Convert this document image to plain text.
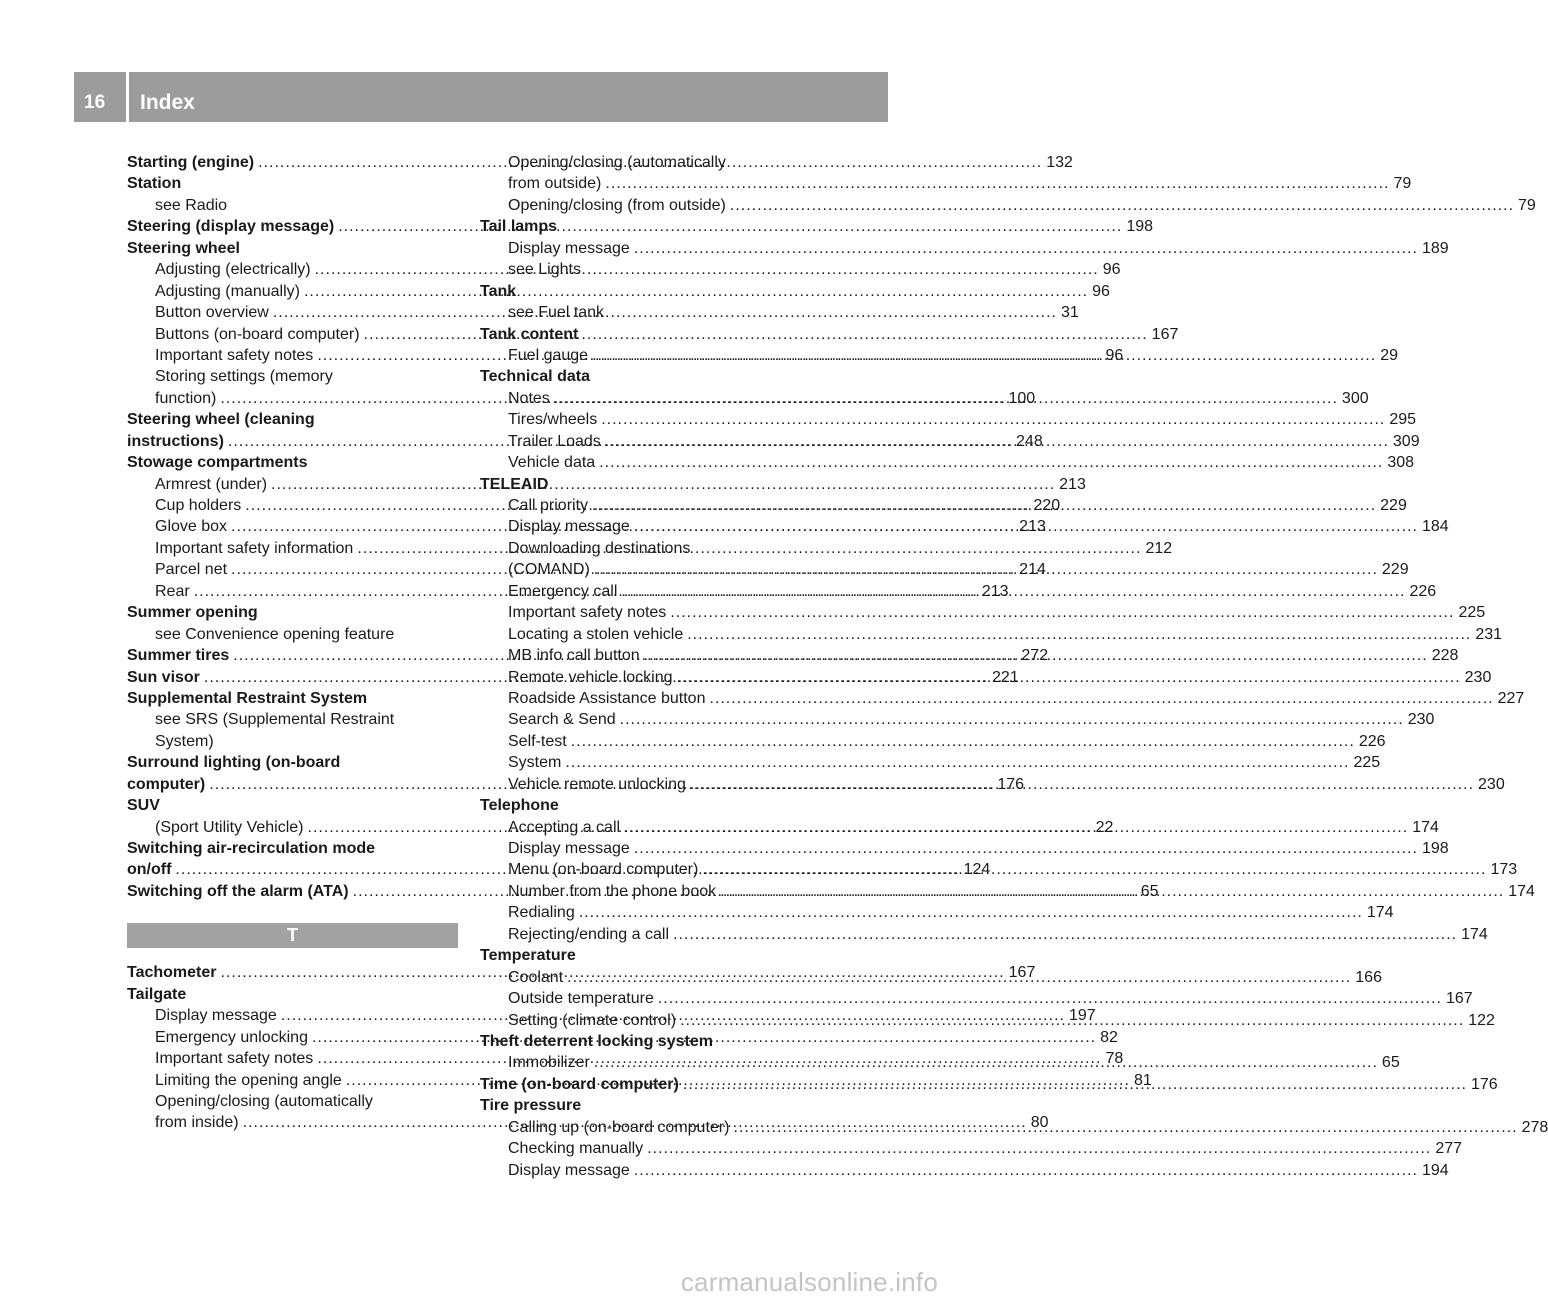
16 Index
Starting (engine) .....	132
Station
see Radio
Steering (display message) .....	198
Steering wheel
Adjusting (electrically) .....	96
Adjusting (manually) .....	96
Button overview .....	31
Buttons (on-board computer) .....	167
Important safety notes .....	96
Storing settings (memory
function) .....	100
Steering wheel (cleaning
instructions) .....	248
Stowage compartments
Armrest (under) .....	213
Cup holders .....	220
Glove box .....	213
Important safety information .....	212
Parcel net .....	214
Rear .....	213
Summer opening
see Convenience opening feature
Summer tires .....	272
Sun visor .....	221
Supplemental Restraint System
see SRS (Supplemental Restraint
System)
Surround lighting (on-board
computer) .....	176
SUV
(Sport Utility Vehicle) .....	22
Switching air-recirculation mode
on/off .....	124
Switching off the alarm (ATA) .....	65
T
Tachometer .....	167
Tailgate
Display message .....	197
Emergency unlocking .....	82
Important safety notes .....	78
Limiting the opening angle .....	81
Opening/closing (automatically
from inside) .....	80
Opening/closing (automatically
from outside) .....	79
Opening/closing (from outside) .....	79
Tail lamps
Display message .....	189
see Lights
Tank
see Fuel tank
Tank content
Fuel gauge .....	29
Technical data
Notes .....	300
Tires/wheels .....	295
Trailer Loads .....	309
Vehicle data .....	308
TELEAID
Call priority .....	229
Display message .....	184
Downloading destinations
(COMAND) .....	229
Emergency call .....	226
Important safety notes .....	225
Locating a stolen vehicle .....	231
MB info call button .....	228
Remote vehicle locking .....	230
Roadside Assistance button .....	227
Search & Send .....	230
Self-test .....	226
System .....	225
Vehicle remote unlocking .....	230
Telephone
Accepting a call .....	174
Display message .....	198
Menu (on-board computer) .....	173
Number from the phone book .....	174
Redialing .....	174
Rejecting/ending a call .....	174
Temperature
Coolant .....	166
Outside temperature .....	167
Setting (climate control) .....	122
Theft deterrent locking system
Immobilizer .....	65
Time (on-board computer) .....	176
Tire pressure
Calling up (on-board computer) .....	278
Checking manually .....	277
Display message .....	194
carmanualsonline.info
